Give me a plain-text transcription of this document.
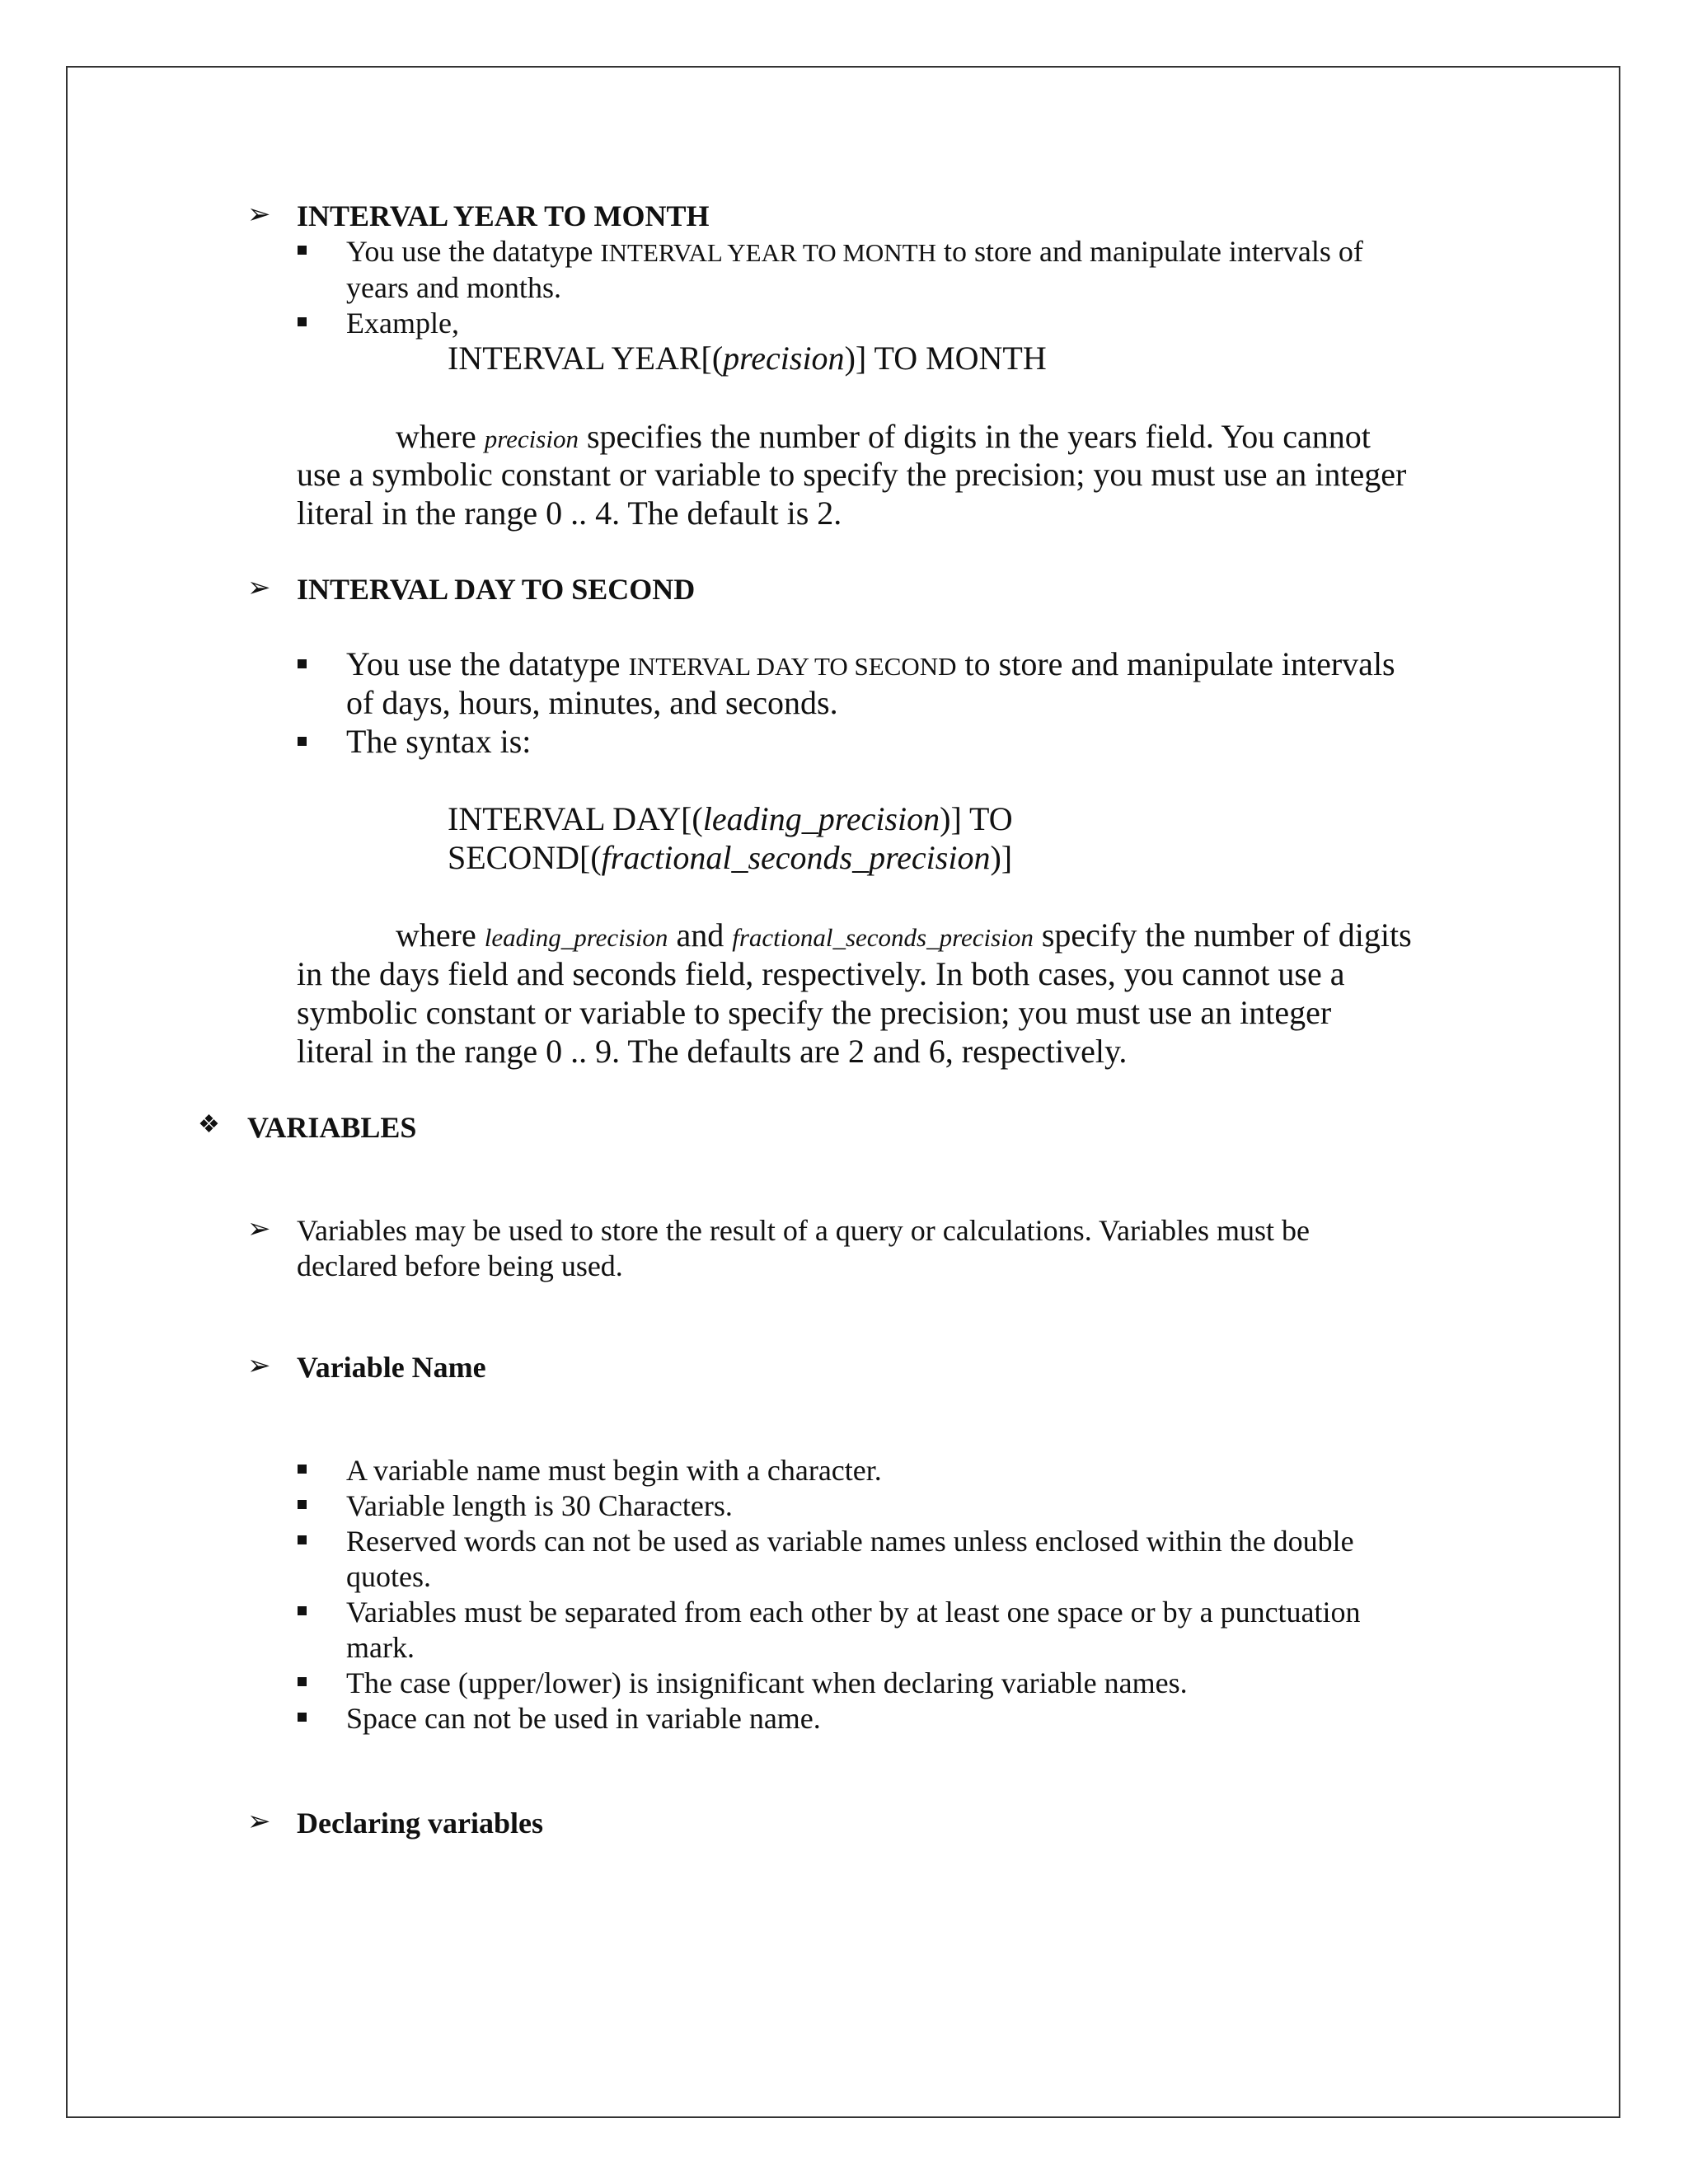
➢ INTERVAL YEAR TO MONTH
You use the datatype INTERVAL YEAR TO MONTH to store and manipulate intervals of
years and months.
Example,
INTERVAL YEAR[(precision)] TO MONTH
where precision specifies the number of digits in the years field. You cannot
use a symbolic constant or variable to specify the precision; you must use an integer
literal in the range 0 .. 4. The default is 2.
➢ INTERVAL DAY TO SECOND
You use the datatype INTERVAL DAY TO SECOND to store and manipulate intervals
of days, hours, minutes, and seconds.
The syntax is:
INTERVAL DAY[(leading_precision)] TO
SECOND[(fractional_seconds_precision)]
where leading_precision and fractional_seconds_precision specify the number of digits
in the days field and seconds field, respectively. In both cases, you cannot use a
symbolic constant or variable to specify the precision; you must use an integer
literal in the range 0 .. 9. The defaults are 2 and 6, respectively.
❖ VARIABLES
➢ Variables may be used to store the result of a query or calculations. Variables must be
declared before being used.
➢ Variable Name
A variable name must begin with a character.
Variable length is 30 Characters.
Reserved words can not be used as variable names unless enclosed within the double
quotes.
Variables must be separated from each other by at least one space or by a punctuation
mark.
The case (upper/lower) is insignificant when declaring variable names.
Space can not be used in variable name.
➢ Declaring variables
